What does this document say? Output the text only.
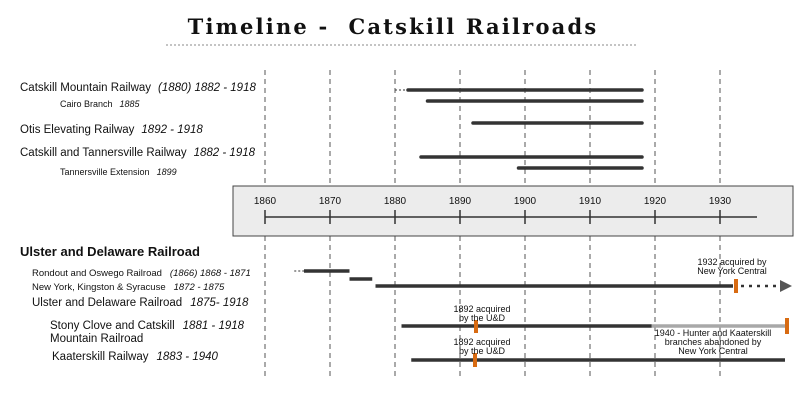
Timeline -  Catskill Railroads
1860	1870	1880	1890	1900	1910	1920	1930
Catskill Mountain Railway (1880) 1882 - 1918
Cairo Branch 1885
Otis Elevating Railway 1892 - 1918
Catskill and Tannersville Railway 1882 - 1918
Tannersville Extension 1899
Ulster and Delaware Railroad
Rondout and Oswego Railroad (1866) 1868 - 1871
New York, Kingston & Syracuse 1872 - 1875
Ulster and Delaware Railroad 1875- 1918
Stony Clove and Catskill 1881 - 1918
Mountain Railroad
Kaaterskill Railway 1883 - 1940
1932 acquired by
New York Central
1892 acquired
by the U&D
1892 acquired
by the U&D
1940 - Hunter and Kaaterskill
branches abandoned by
New York Central
